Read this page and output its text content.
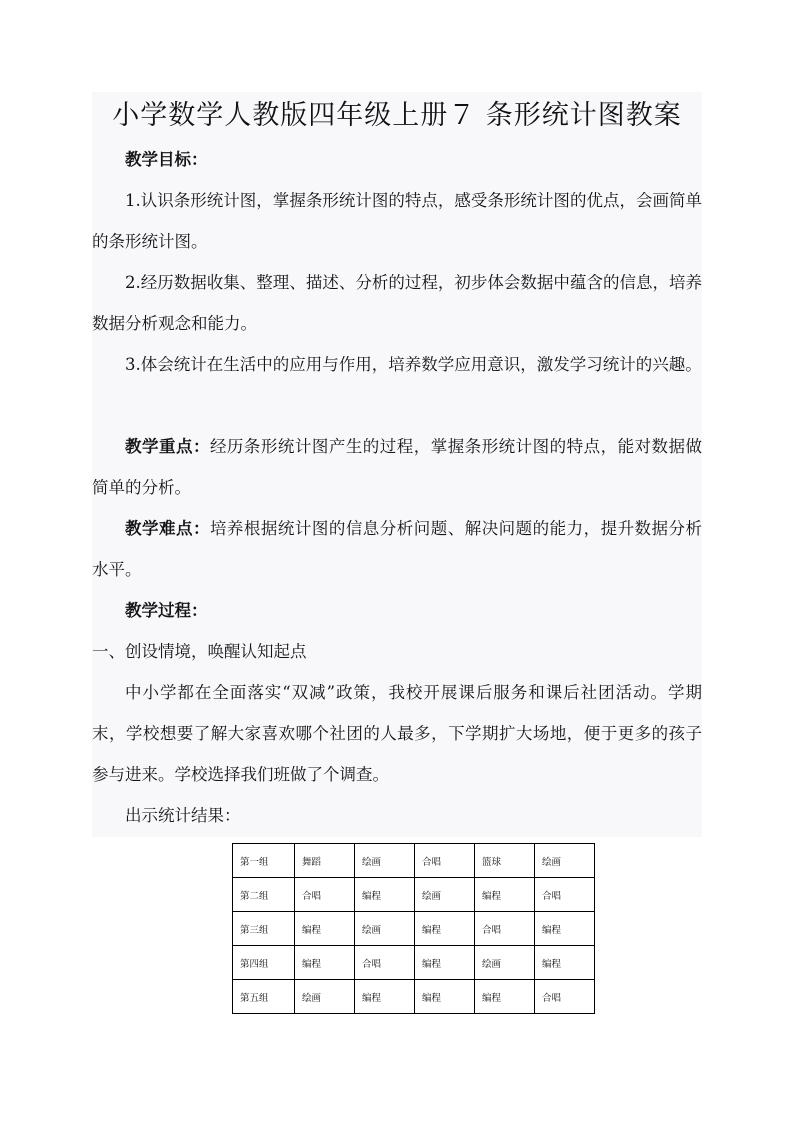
小学数学人教版四年级上册７ 条形统计图教案
教学目标：
1.认识条形统计图，掌握条形统计图的特点，感受条形统计图的优点，会画简单的条形统计图。
2.经历数据收集、整理、描述、分析的过程，初步体会数据中蕴含的信息，培养数据分析观念和能力。
3.体会统计在生活中的应用与作用，培养数学应用意识，激发学习统计的兴趣。
教学重点：经历条形统计图产生的过程，掌握条形统计图的特点，能对数据做简单的分析。
教学难点：培养根据统计图的信息分析问题、解决问题的能力，提升数据分析水平。
教学过程：
一、创设情境，唤醒认知起点
中小学都在全面落实“双减”政策，我校开展课后服务和课后社团活动。学期末，学校想要了解大家喜欢哪个社团的人最多，下学期扩大场地，便于更多的孩子参与进来。学校选择我们班做了个调查。
出示统计结果：
第一组	舞蹈	绘画	合唱	篮球	绘画
第二组	合唱	编程	绘画	编程	合唱
第三组	编程	绘画	编程	合唱	编程
第四组	编程	合唱	编程	绘画	编程
第五组	绘画	编程	编程	编程	合唱
